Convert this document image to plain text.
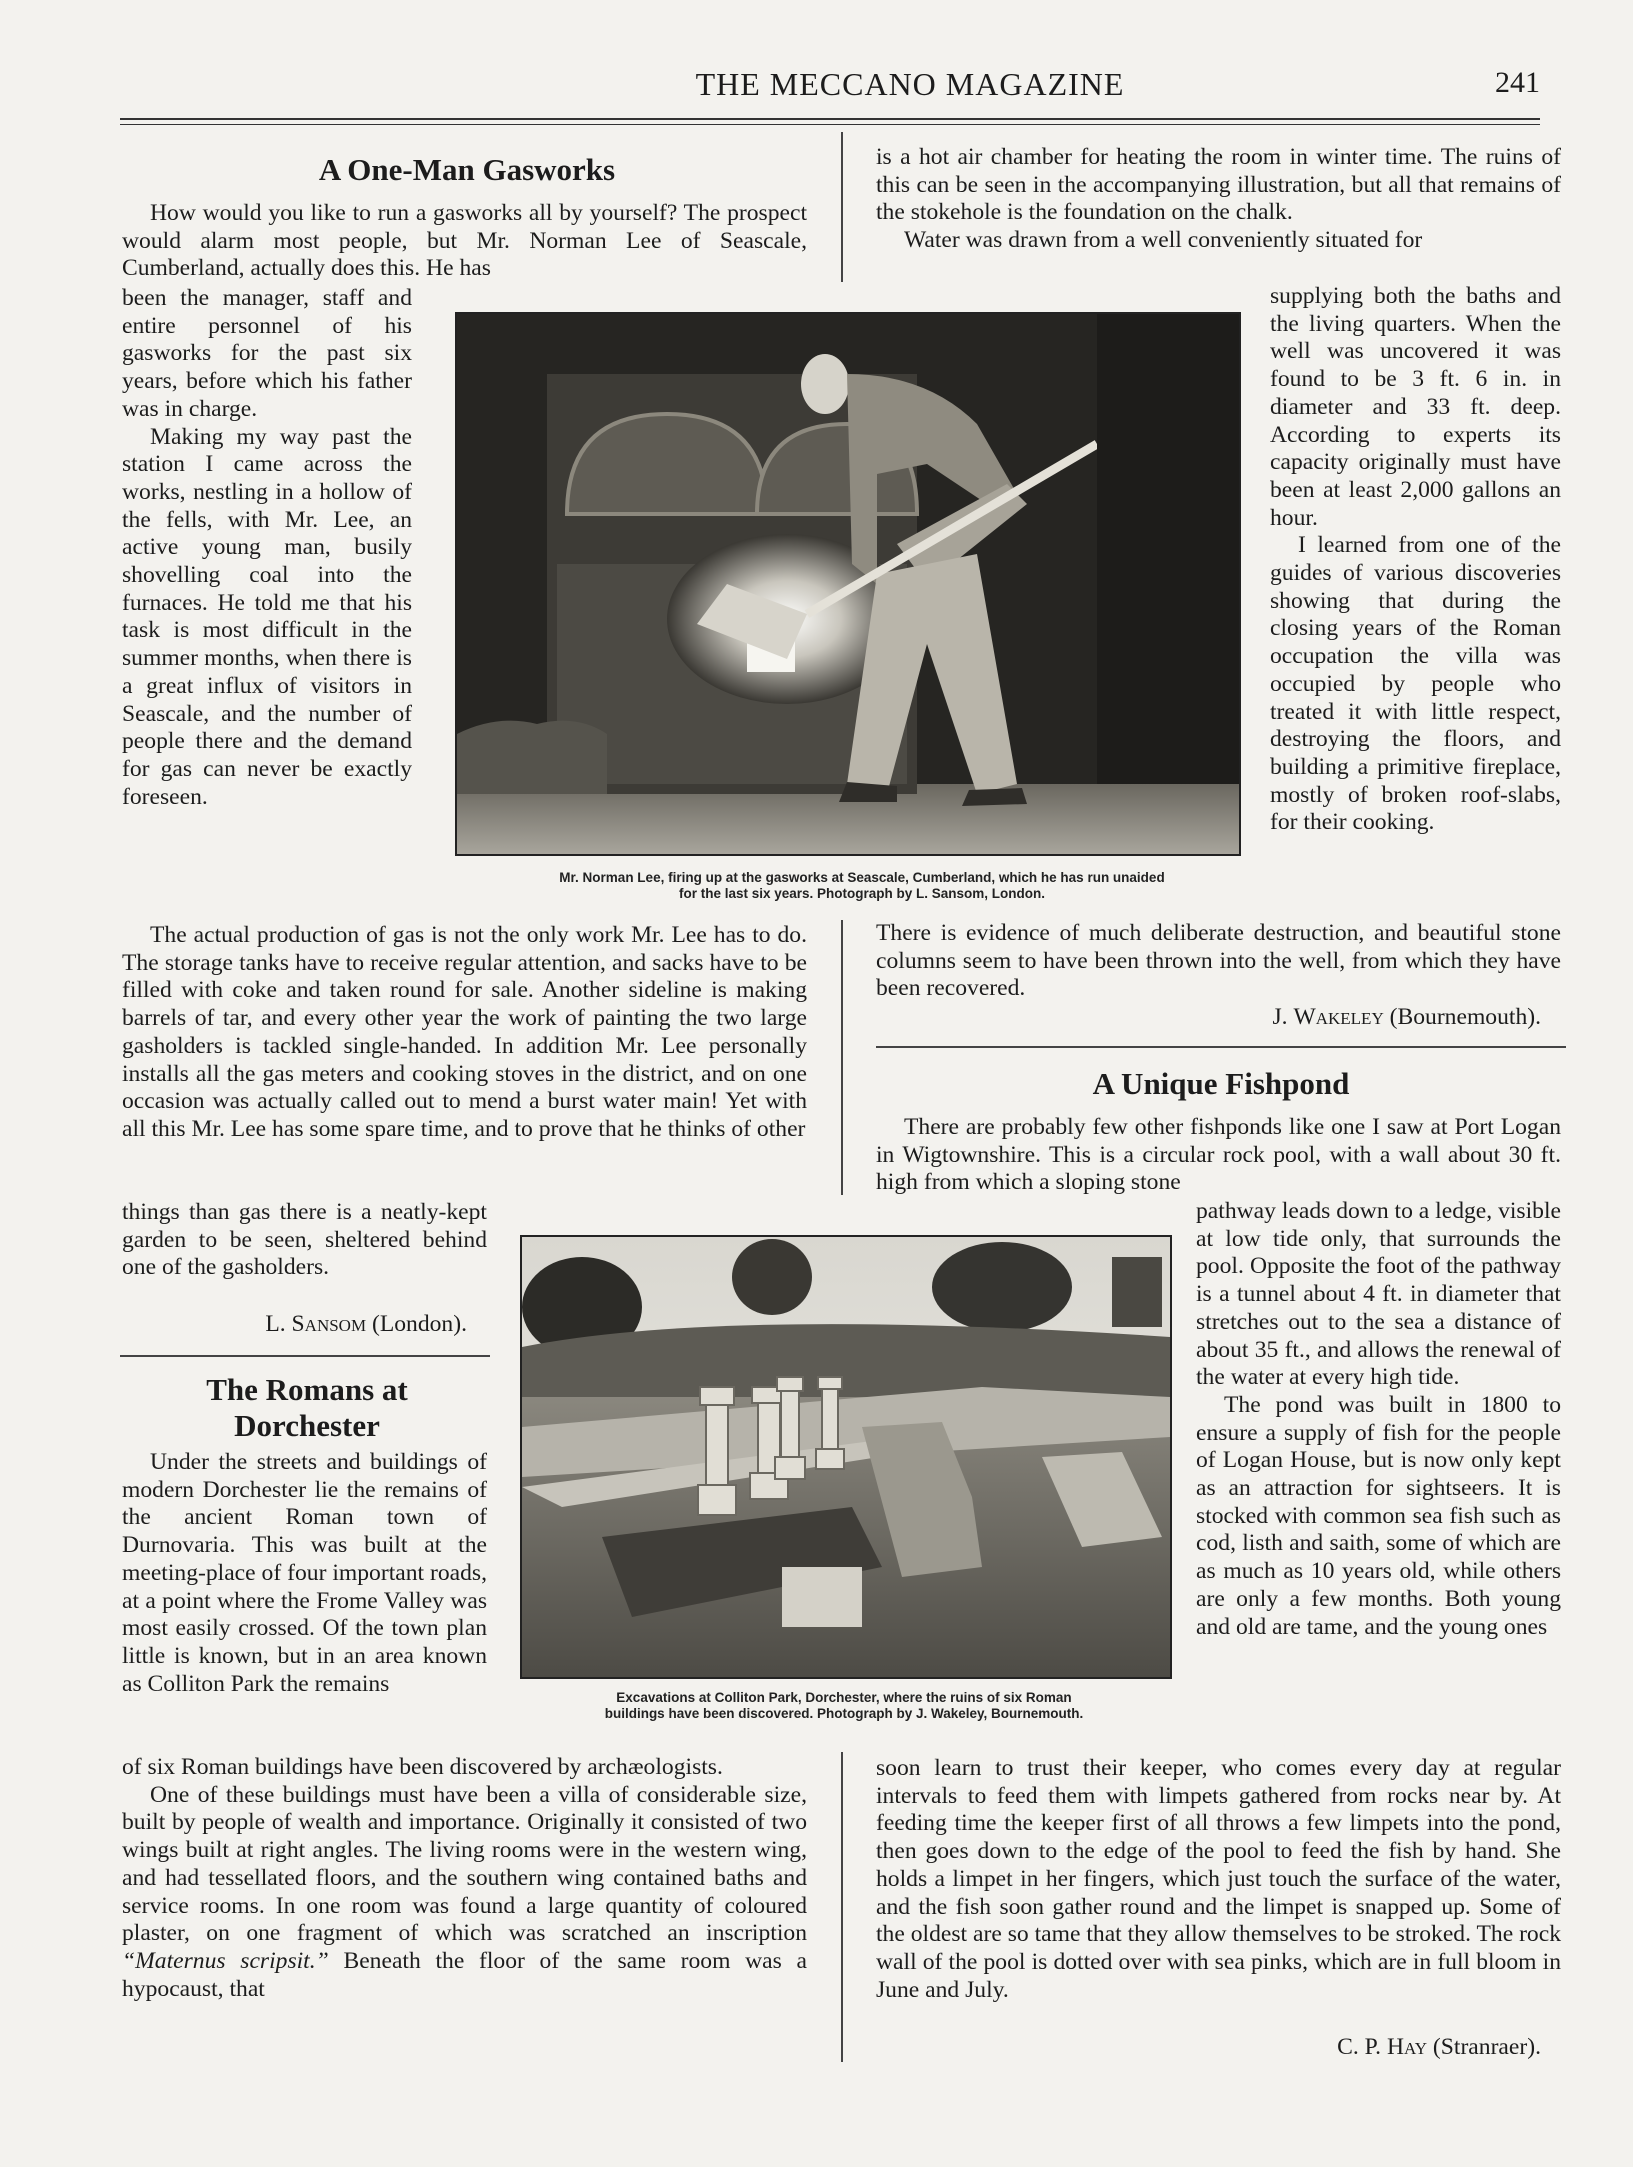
THE MECCANO MAGAZINE	241
A One-Man Gasworks

How would you like to run a gasworks all by yourself? The prospect would alarm most people, but Mr. Norman Lee of Seascale, Cumberland, actually does this. He has

been the manager, staff and entire personnel of his gasworks for the past six years, before which his father was in charge.

Making my way past the station I came across the works, nestling in a hollow of the fells, with Mr. Lee, an active young man, busily shovelling coal into the furnaces. He told me that his task is most difficult in the summer months, when there is a great influx of visitors in Seascale, and the number of people there and the demand for gas can never be exactly foreseen.

Mr. Norman Lee, firing up at the gasworks at Seascale, Cumberland, which he has run unaided
for the last six years. Photograph by L. Sansom, London.

The actual production of gas is not the only work Mr. Lee has to do. The storage tanks have to receive regular attention, and sacks have to be filled with coke and taken round for sale. Another sideline is making barrels of tar, and every other year the work of painting the two large gasholders is tackled single-handed. In addition Mr. Lee personally installs all the gas meters and cooking stoves in the district, and on one occasion was actually called out to mend a burst water main! Yet with all this Mr. Lee has some spare time, and to prove that he thinks of other

things than gas there is a neatly-kept garden to be seen, sheltered behind one of the gasholders.

L. Sansom (London).
The Romans at
Dorchester

Under the streets and buildings of modern Dorchester lie the remains of the ancient Roman town of Durnovaria. This was built at the meeting-place of four important roads, at a point where the Frome Valley was most easily crossed. Of the town plan little is known, but in an area known as Colliton Park the remains

Excavations at Colliton Park, Dorchester, where the ruins of six Roman
buildings have been discovered. Photograph by J. Wakeley, Bournemouth.

of six Roman buildings have been discovered by archæologists.

One of these buildings must have been a villa of considerable size, built by people of wealth and importance. Originally it consisted of two wings built at right angles. The living rooms were in the western wing, and had tessellated floors, and the southern wing contained baths and service rooms. In one room was found a large quantity of coloured plaster, on one fragment of which was scratched an inscription “Maternus scripsit.” Beneath the floor of the same room was a hypocaust, that

is a hot air chamber for heating the room in winter time. The ruins of this can be seen in the accompanying illustration, but all that remains of the stokehole is the foundation on the chalk.

Water was drawn from a well conveniently situated for

supplying both the baths and the living quarters. When the well was uncovered it was found to be 3 ft. 6 in. in diameter and 33 ft. deep. According to experts its capacity originally must have been at least 2,000 gallons an hour.

I learned from one of the guides of various discoveries showing that during the closing years of the Roman occupation the villa was occupied by people who treated it with little respect, destroying the floors, and building a primitive fireplace, mostly of broken roof-slabs, for their cooking.

There is evidence of much deliberate destruction, and beautiful stone columns seem to have been thrown into the well, from which they have been recovered.

J. Wakeley (Bournemouth).
A Unique Fishpond

There are probably few other fishponds like one I saw at Port Logan in Wigtownshire. This is a circular rock pool, with a wall about 30 ft. high from which a sloping stone

pathway leads down to a ledge, visible at low tide only, that surrounds the pool. Opposite the foot of the pathway is a tunnel about 4 ft. in diameter that stretches out to the sea a distance of about 35 ft., and allows the renewal of the water at every high tide.

The pond was built in 1800 to ensure a supply of fish for the people of Logan House, but is now only kept as an attraction for sightseers. It is stocked with common sea fish such as cod, listh and saith, some of which are as much as 10 years old, while others are only a few months. Both young and old are tame, and the young ones

soon learn to trust their keeper, who comes every day at regular intervals to feed them with limpets gathered from rocks near by. At feeding time the keeper first of all throws a few limpets into the pond, then goes down to the edge of the pool to feed the fish by hand. She holds a limpet in her fingers, which just touch the surface of the water, and the fish soon gather round and the limpet is snapped up. Some of the oldest are so tame that they allow themselves to be stroked. The rock wall of the pool is dotted over with sea pinks, which are in full bloom in June and July.

C. P. Hay (Stranraer).
